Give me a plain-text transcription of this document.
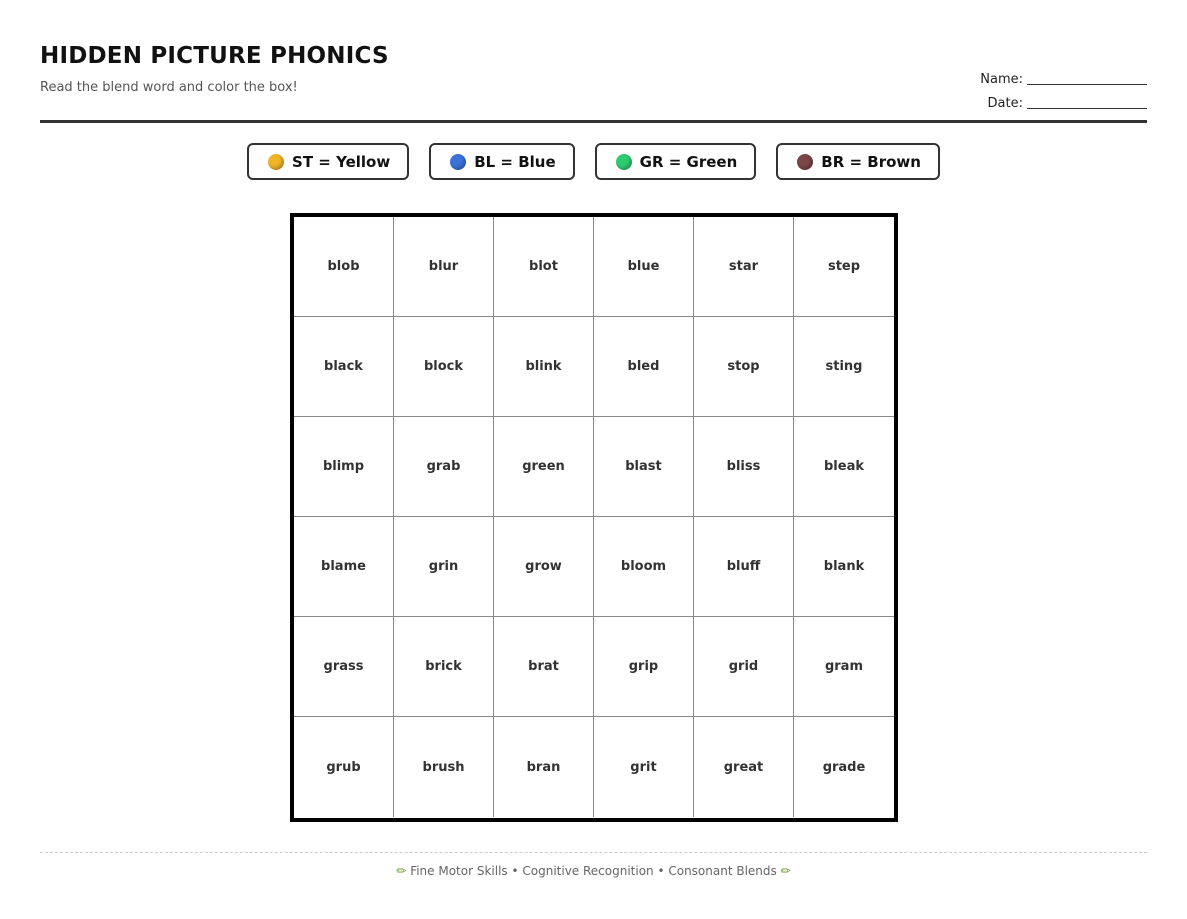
HIDDEN PICTURE PHONICS
Read the blend word and color the box!
Name:
Date:
ST = Yellow	BL = Blue	GR = Green	BR = Brown
blob	blur	blot	blue	star	step
black	block	blink	bled	stop	sting
blimp	grab	green	blast	bliss	bleak
blame	grin	grow	bloom	bluff	blank
grass	brick	brat	grip	grid	gram
grub	brush	bran	grit	great	grade
✏︎ Fine Motor Skills • Cognitive Recognition • Consonant Blends ✏︎
